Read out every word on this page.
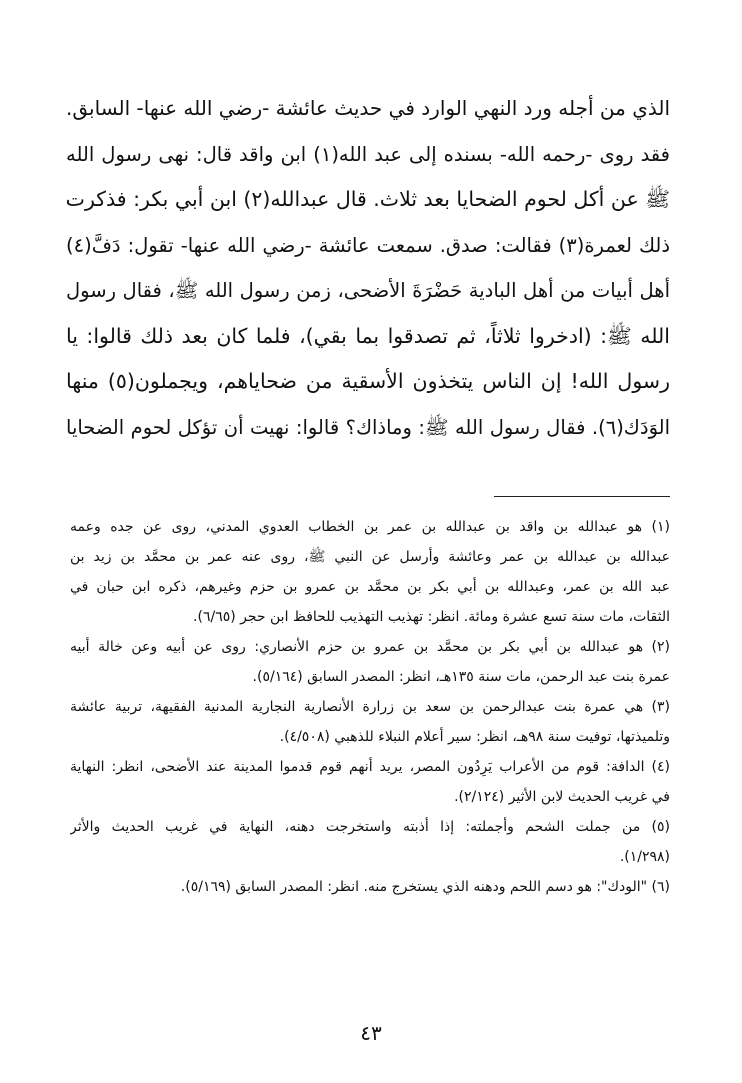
الذي من أجله ورد النهي الوارد في حديث عائشة -رضي الله عنها- السابق.
فقد روى -رحمه الله- بسنده إلى عبد الله(١) ابن واقد قال: نهى رسول الله
ﷺ عن أكل لحوم الضحايا بعد ثلاث. قال عبدالله(٢) ابن أبي بكر: فذكرت
ذلك لعمرة(٣) فقالت: صدق. سمعت عائشة -رضي الله عنها- تقول: دَفَّ(٤)
أهل أبيات من أهل البادية حَضْرَةَ الأضحى، زمن رسول الله ﷺ، فقال رسول
الله ﷺ: (ادخروا ثلاثاً، ثم تصدقوا بما بقي)، فلما كان بعد ذلك قالوا: يا
رسول الله! إن الناس يتخذون الأسقية من ضحاياهم، ويجملون(٥) منها
الوَدَك(٦). فقال رسول الله ﷺ: وماذاك؟ قالوا: نهيت أن تؤكل لحوم الضحايا
(١) هو عبدالله بن واقد بن عبدالله بن عمر بن الخطاب العدوي المدني، روى عن جده وعمه
عبدالله بن عبدالله بن عمر وعائشة وأرسل عن النبي ﷺ، روى عنه عمر بن محمَّد بن زيد بن
عبد الله بن عمر، وعبدالله بن أبي بكر بن محمَّد بن عمرو بن حزم وغيرهم، ذكره ابن حبان في
الثقات، مات سنة تسع عشرة ومائة. انظر: تهذيب التهذيب للحافظ ابن حجر (٦/٦٥).
(٢) هو عبدالله بن أبي بكر بن محمَّد بن عمرو بن حزم الأنصاري: روى عن أبيه وعن خالة أبيه
عمرة بنت عبد الرحمن، مات سنة ١٣٥هـ، انظر: المصدر السابق (٥/١٦٤).
(٣) هي عمرة بنت عبدالرحمن بن سعد بن زرارة الأنصارية النجارية المدنية الفقيهة، تربية عائشة
وتلميذتها، توفيت سنة ٩٨هـ، انظر: سير أعلام النبلاء للذهبي (٤/٥٠٨).
(٤) الدافة: قوم من الأعراب يَرِدُون المصر، يريد أنهم قوم قدموا المدينة عند الأضحى، انظر: النهاية
في غريب الحديث لابن الأثير (٢/١٢٤).
(٥) من جملت الشحم وأجملته: إذا أذبته واستخرجت دهنه، النهاية في غريب الحديث والأثر
(١/٢٩٨).
(٦) "الودك": هو دسم اللحم ودهنه الذي يستخرج منه. انظر: المصدر السابق (٥/١٦٩).
٤٣
